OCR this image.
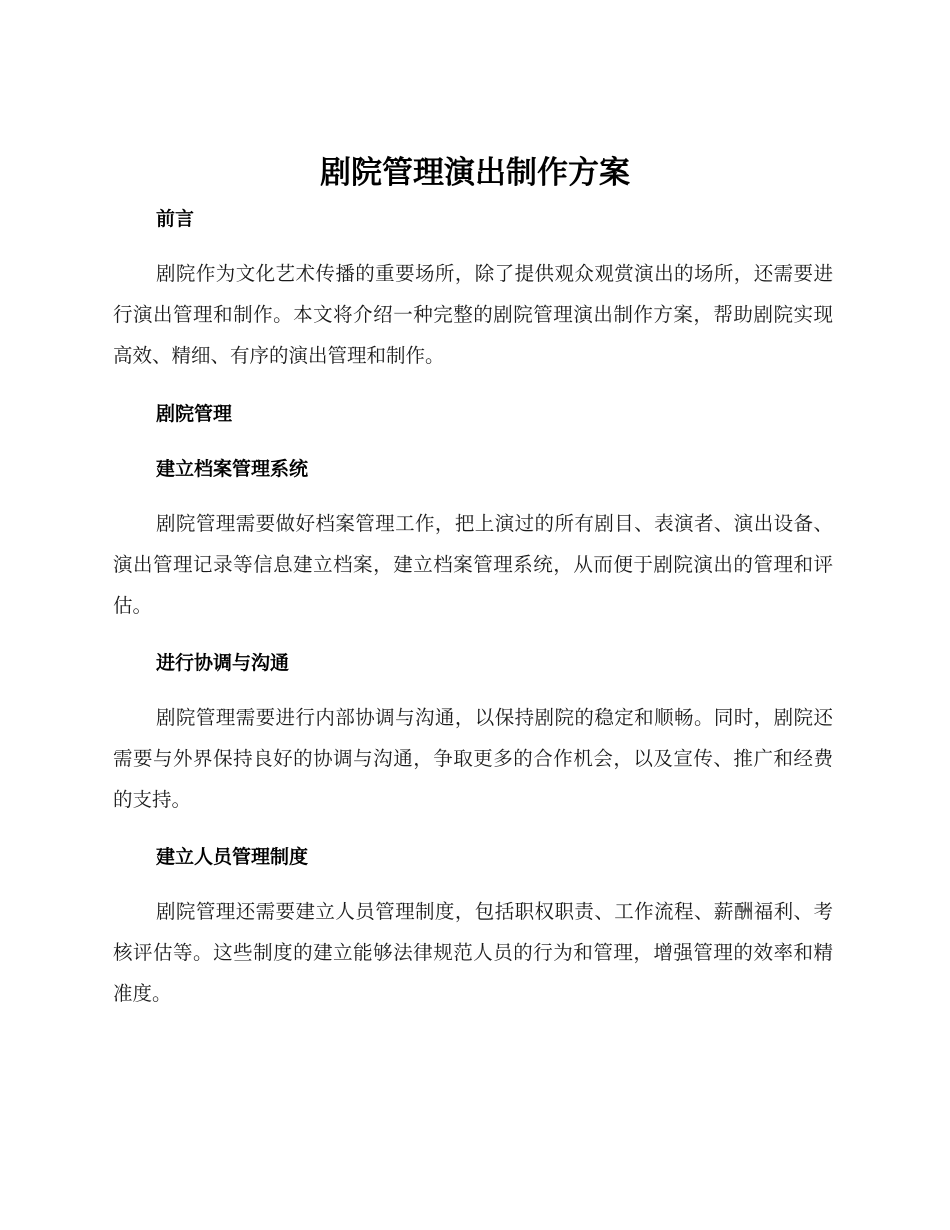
剧院管理演出制作方案
前言

剧院作为文化艺术传播的重要场所，除了提供观众观赏演出的场所，还需要进行演出管理和制作。本文将介绍一种完整的剧院管理演出制作方案，帮助剧院实现高效、精细、有序的演出管理和制作。

剧院管理
建立档案管理系统

剧院管理需要做好档案管理工作，把上演过的所有剧目、表演者、演出设备、演出管理记录等信息建立档案，建立档案管理系统，从而便于剧院演出的管理和评估。

进行协调与沟通

剧院管理需要进行内部协调与沟通，以保持剧院的稳定和顺畅。同时，剧院还需要与外界保持良好的协调与沟通，争取更多的合作机会，以及宣传、推广和经费的支持。

建立人员管理制度

剧院管理还需要建立人员管理制度，包括职权职责、工作流程、薪酬福利、考核评估等。这些制度的建立能够法律规范人员的行为和管理，增强管理的效率和精准度。
